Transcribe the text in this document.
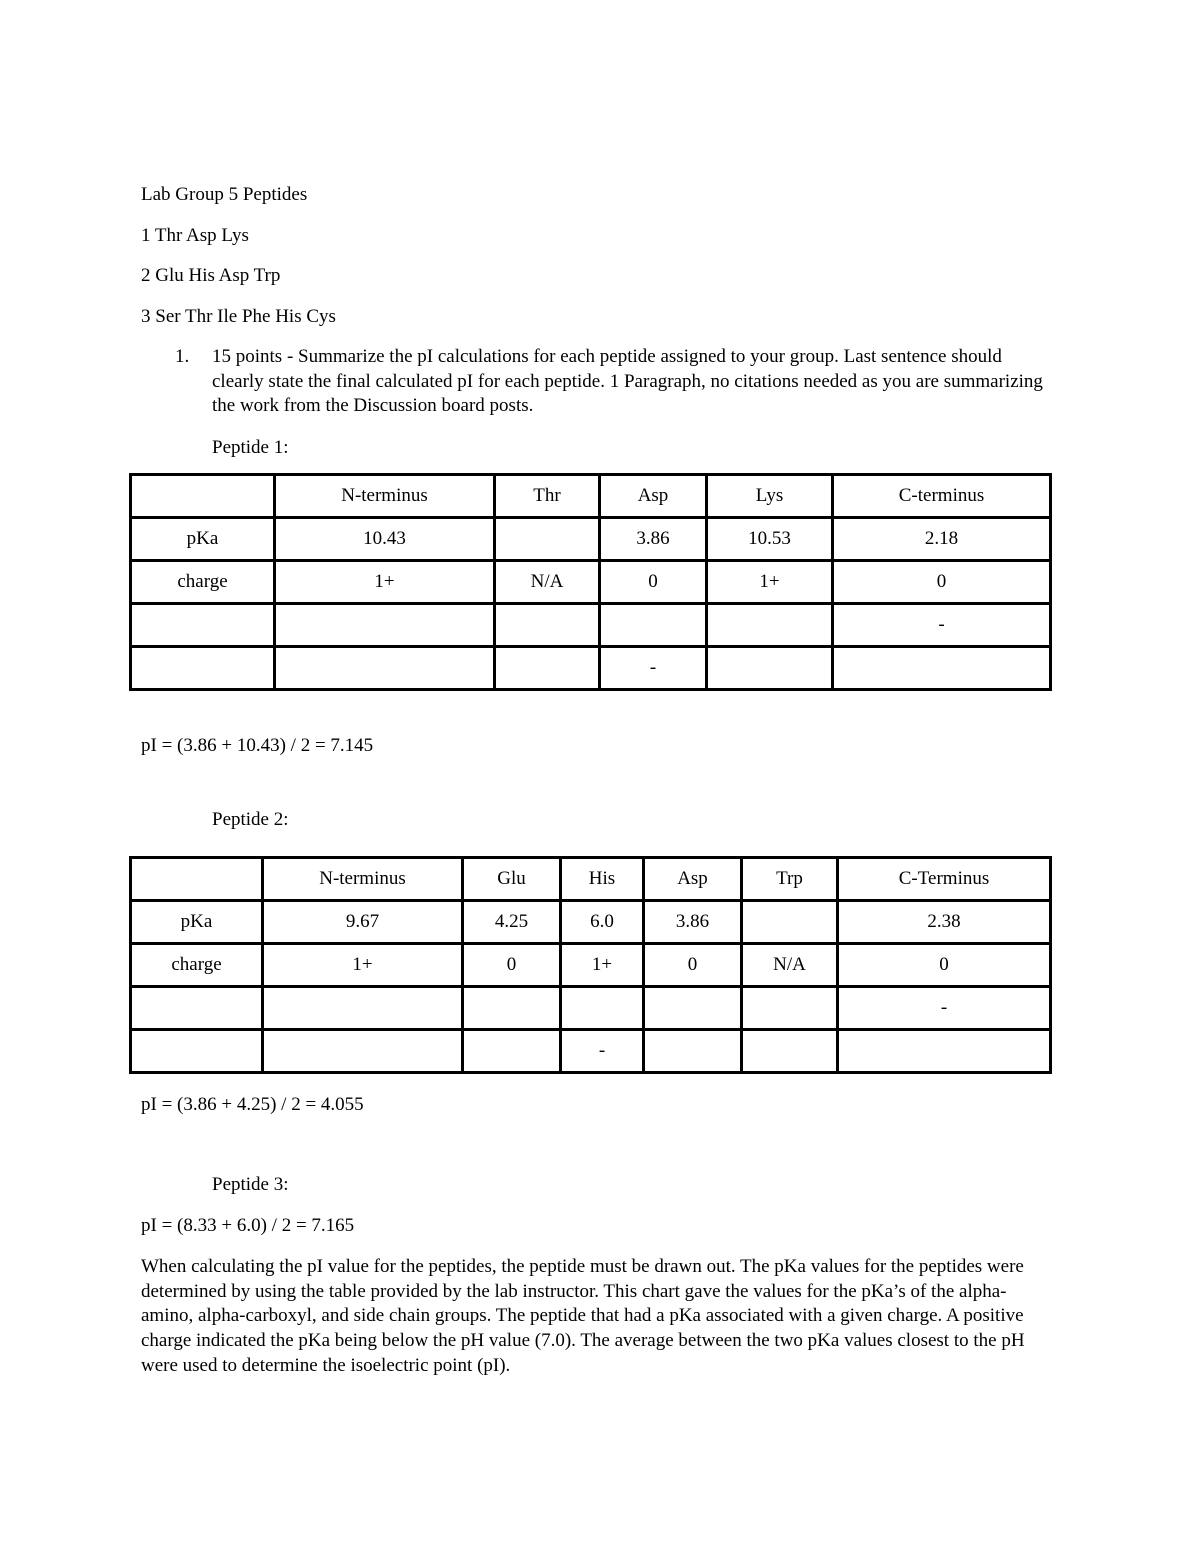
Lab Group 5 Peptides
1 Thr Asp Lys
2 Glu His Asp Trp
3 Ser Thr Ile Phe His Cys
1. 15 points - Summarize the pI calculations for each peptide assigned to your group. Last sentence should clearly state the final calculated pI for each peptide. 1 Paragraph, no citations needed as you are summarizing the work from the Discussion board posts.
Peptide 1:
	N-terminus	Thr	Asp	Lys	C-terminus
pKa	10.43		3.86	10.53	2.18
charge	1+	N/A	0	1+	0
					-
			-		
pI = (3.86 + 10.43) / 2 = 7.145
Peptide 2:
	N-terminus	Glu	His	Asp	Trp	C-Terminus
pKa	9.67	4.25	6.0	3.86		2.38
charge	1+	0	1+	0	N/A	0
						-
			-			
pI = (3.86 + 4.25) / 2 = 4.055
Peptide 3:
pI = (8.33 + 6.0) / 2 = 7.165
When calculating the pI value for the peptides, the peptide must be drawn out. The pKa values for the peptides were determined by using the table provided by the lab instructor. This chart gave the values for the pKa’s of the alpha-amino, alpha-carboxyl, and side chain groups. The peptide that had a pKa associated with a given charge. A positive charge indicated the pKa being below the pH value (7.0). The average between the two pKa values closest to the pH were used to determine the isoelectric point (pI).
